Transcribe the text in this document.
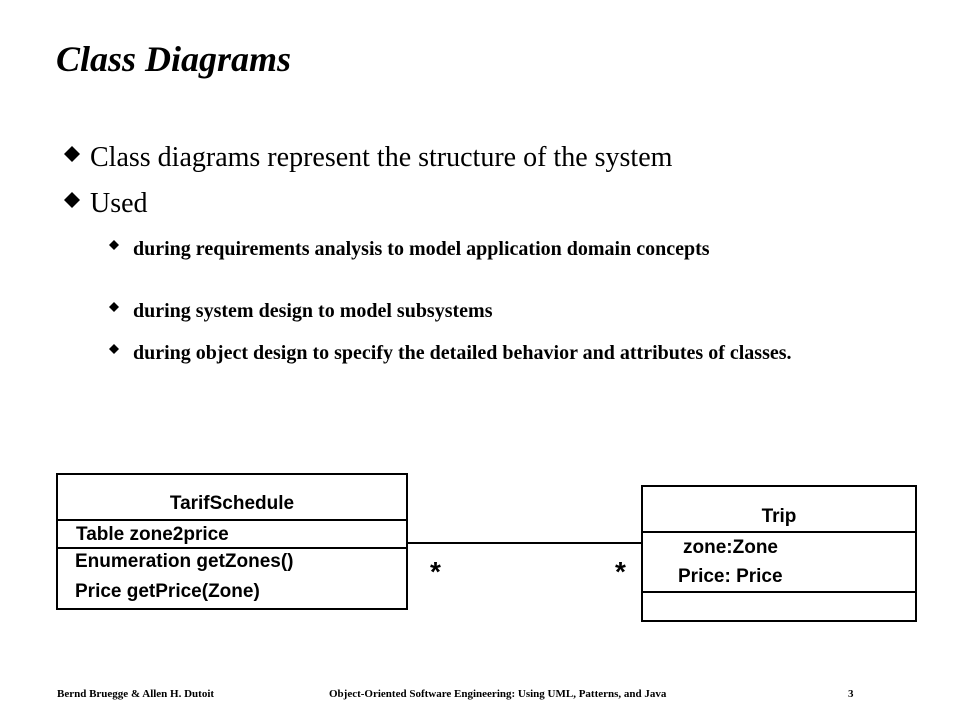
Class Diagrams
Class diagrams represent the structure of the system
Used
during requirements analysis to model application domain concepts
during system design to model subsystems
during object design to specify the detailed behavior and attributes of classes.
TarifSchedule
Table zone2price
Enumeration getZones()
Price getPrice(Zone)
Trip
zone:Zone
Price: Price
*	*
Bernd Bruegge & Allen H. Dutoit	Object-Oriented Software Engineering: Using UML, Patterns, and Java	3
